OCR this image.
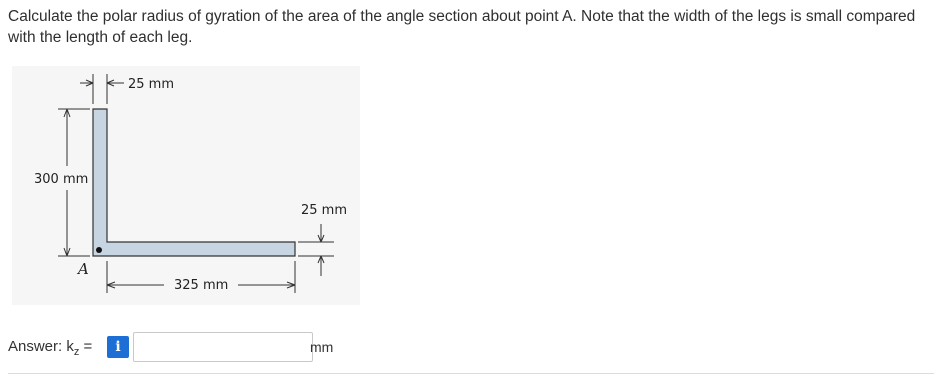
Calculate the polar radius of gyration of the area of the angle section about point A. Note that the width of the legs is small compared with the length of each leg.
A
25 mm
300 mm
25 mm
325 mm
Answer: $k_z$ =	i	mm
